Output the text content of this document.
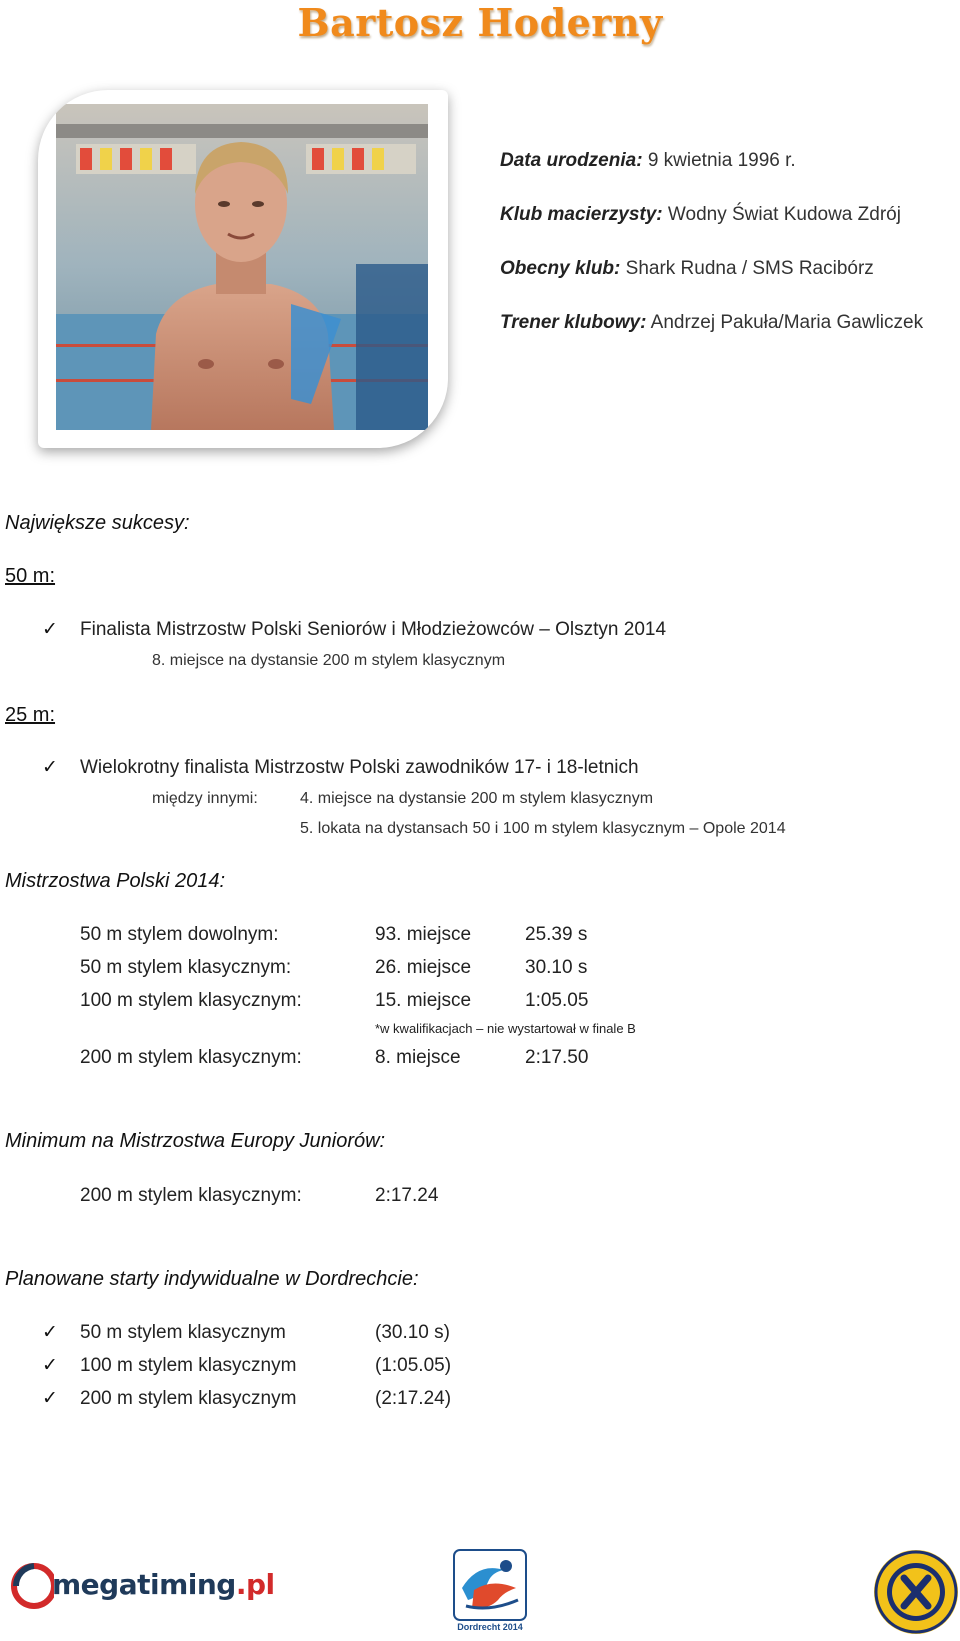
Bartosz Hoderny
Data urodzenia: 9 kwietnia 1996 r.
Klub macierzysty: Wodny Świat Kudowa Zdrój
Obecny klub: Shark Rudna / SMS Racibórz
Trener klubowy: Andrzej Pakuła/Maria Gawliczek
Największe sukcesy:
50 m:
✓ Finalista Mistrzostw Polski Seniorów i Młodzieżowców – Olsztyn 2014
8. miejsce na dystansie 200 m stylem klasycznym
25 m:
✓ Wielokrotny finalista Mistrzostw Polski zawodników 17- i 18-letnich
między innymi:	4. miejsce na dystansie 200 m stylem klasycznym
5. lokata na dystansach 50 i 100 m stylem klasycznym – Opole 2014
Mistrzostwa Polski 2014:
50 m stylem dowolnym:	93. miejsce	25.39 s
50 m stylem klasycznym:	26. miejsce	30.10 s
100 m stylem klasycznym:	15. miejsce	1:05.05
*w kwalifikacjach – nie wystartował w finale B
200 m stylem klasycznym:	8. miejsce	2:17.50
Minimum na Mistrzostwa Europy Juniorów:
200 m stylem klasycznym:	2:17.24
Planowane starty indywidualne w Dordrechcie:
✓ 50 m stylem klasycznym	(30.10 s)
✓ 100 m stylem klasycznym	(1:05.05)
✓ 200 m stylem klasycznym	(2:17.24)
megatiming.pl
Dordrecht 2014
